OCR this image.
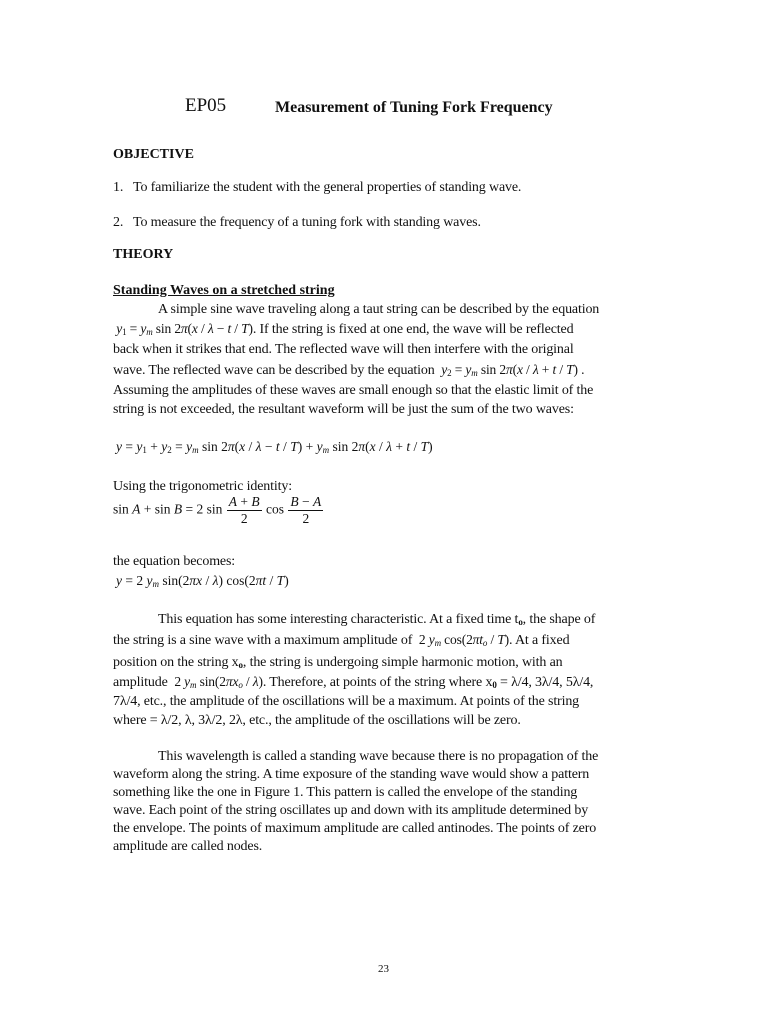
EP05	Measurement of Tuning Fork Frequency
OBJECTIVE
1. To familiarize the student with the general properties of standing wave.
2. To measure the frequency of a tuning fork with standing waves.
THEORY
Standing Waves on a stretched string
A simple sine wave traveling along a taut string can be described by the equation
$y_1 = y_m$ sin 2π(x / λ − t / T). If the string is fixed at one end, the wave will be reflected
back when it strikes that end. The reflected wave will then interfere with the original
wave. The reflected wave can be described by the equation $y_2 = y_m$ sin 2π(x / λ + t / T) .
Assuming the amplitudes of these waves are small enough so that the elastic limit of the
string is not exceeded, the resultant waveform will be just the sum of the two waves:
$y = y_1 + y_2 = y_m$ $\sin 2\pi(x / \lambda - t / T) + y_m$ sin 2π(x / λ + t / T)
Using the trigonometric identity:
sin A + sin B = 2 $\sin \frac{A + B}{2}$ $\cos \frac{B - A}{2}$
the equation becomes:
y = 2 $y_m$ sin(2πx / λ) cos(2πt / T)
This equation has some interesting characteristic. At a fixed time $t_o$, the shape of
the string is a sine wave with a maximum amplitude of 2 $y_m$ $\cos(2\pi t_o / T)$. At a fixed
position on the string $x_o$, the string is undergoing simple harmonic motion, with an
amplitude 2 $y_m$ $\sin(2\pi x_o / \lambda)$. Therefore, at points of the string where $x_0 = \lambda/4$, 3λ/4, 5λ/4,
7λ/4, etc., the amplitude of the oscillations will be a maximum. At points of the string
where = λ/2, λ, 3λ/2, 2λ, etc., the amplitude of the oscillations will be zero.
This wavelength is called a standing wave because there is no propagation of the
waveform along the string. A time exposure of the standing wave would show a pattern
something like the one in Figure 1. This pattern is called the envelope of the standing
wave. Each point of the string oscillates up and down with its amplitude determined by
the envelope. The points of maximum amplitude are called antinodes. The points of zero
amplitude are called nodes.
23
